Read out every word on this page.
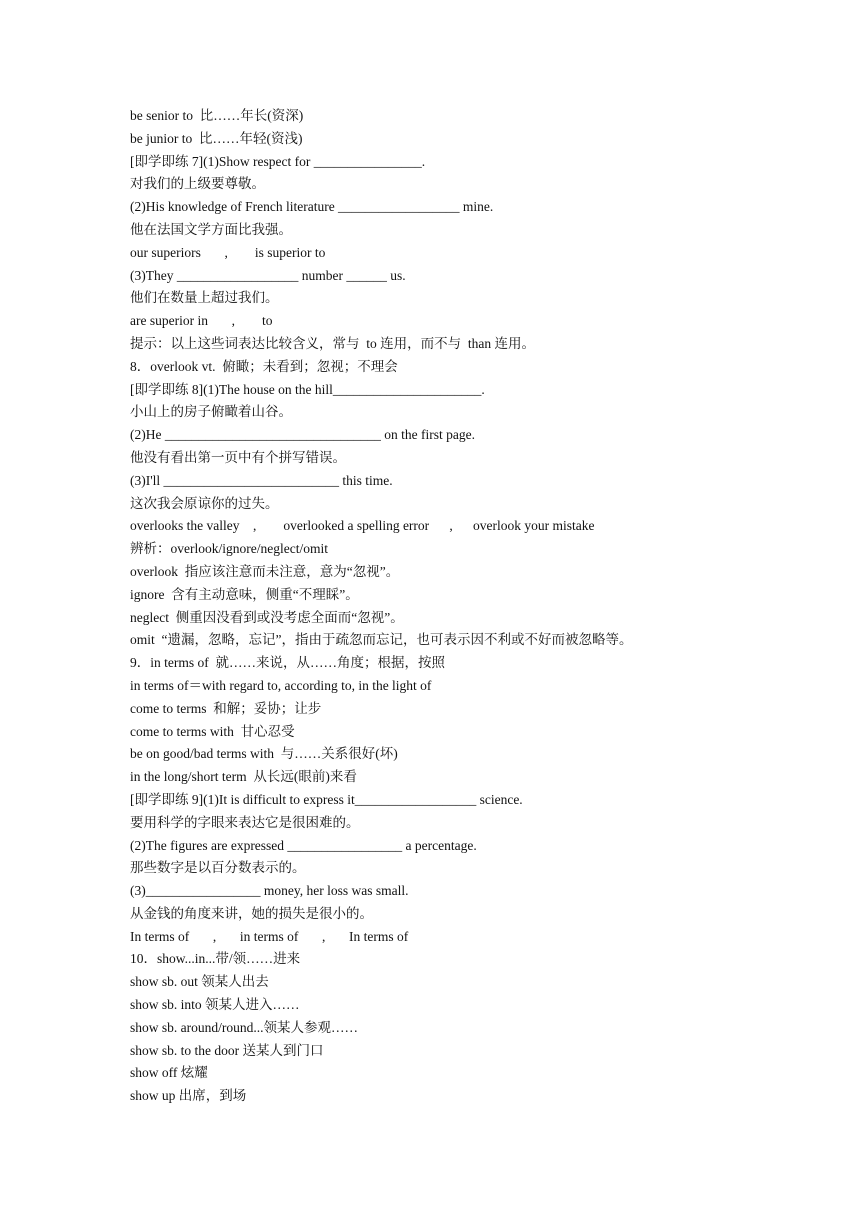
be senior to  比……年长(资深)
be junior to  比……年轻(资浅)
[即学即练 7](1)Show respect for ________________.
对我们的上级要尊敬。
(2)His knowledge of French literature __________________ mine.
他在法国文学方面比我强。
our superiors       ,        is superior to
(3)They __________________ number ______ us.
他们在数量上超过我们。
are superior in       ,        to
提示：以上这些词表达比较含义，常与  to 连用，而不与  than 连用。
8．overlook vt.  俯瞰；未看到；忽视；不理会
[即学即练 8](1)The house on the hill______________________.
小山上的房子俯瞰着山谷。
(2)He ________________________________ on the first page.
他没有看出第一页中有个拼写错误。
(3)I'll __________________________ this time.
这次我会原谅你的过失。
overlooks the valley    ,        overlooked a spelling error      ,      overlook your mistake
辨析：overlook/ignore/neglect/omit
overlook  指应该注意而未注意，意为“忽视”。
ignore  含有主动意味，侧重“不理睬”。
neglect  侧重因没看到或没考虑全面而“忽视”。
omit  “遗漏，忽略，忘记”，指由于疏忽而忘记，也可表示因不利或不好而被忽略等。
9．in terms of  就……来说，从……角度；根据，按照
in terms of＝with regard to, according to, in the light of
come to terms  和解；妥协；让步
come to terms with  甘心忍受
be on good/bad terms with  与……关系很好(坏)
in the long/short term  从长远(眼前)来看
[即学即练 9](1)It is difficult to express it__________________ science.
要用科学的字眼来表达它是很困难的。
(2)The figures are expressed _________________ a percentage.
那些数字是以百分数表示的。
(3)_________________ money, her loss was small.
从金钱的角度来讲，她的损失是很小的。
In terms of       ,       in terms of       ,       In terms of
10．show...in...带/领……进来
show sb. out 领某人出去
show sb. into 领某人进入……
show sb. around/round...领某人参观……
show sb. to the door 送某人到门口
show off 炫耀
show up 出席，到场
